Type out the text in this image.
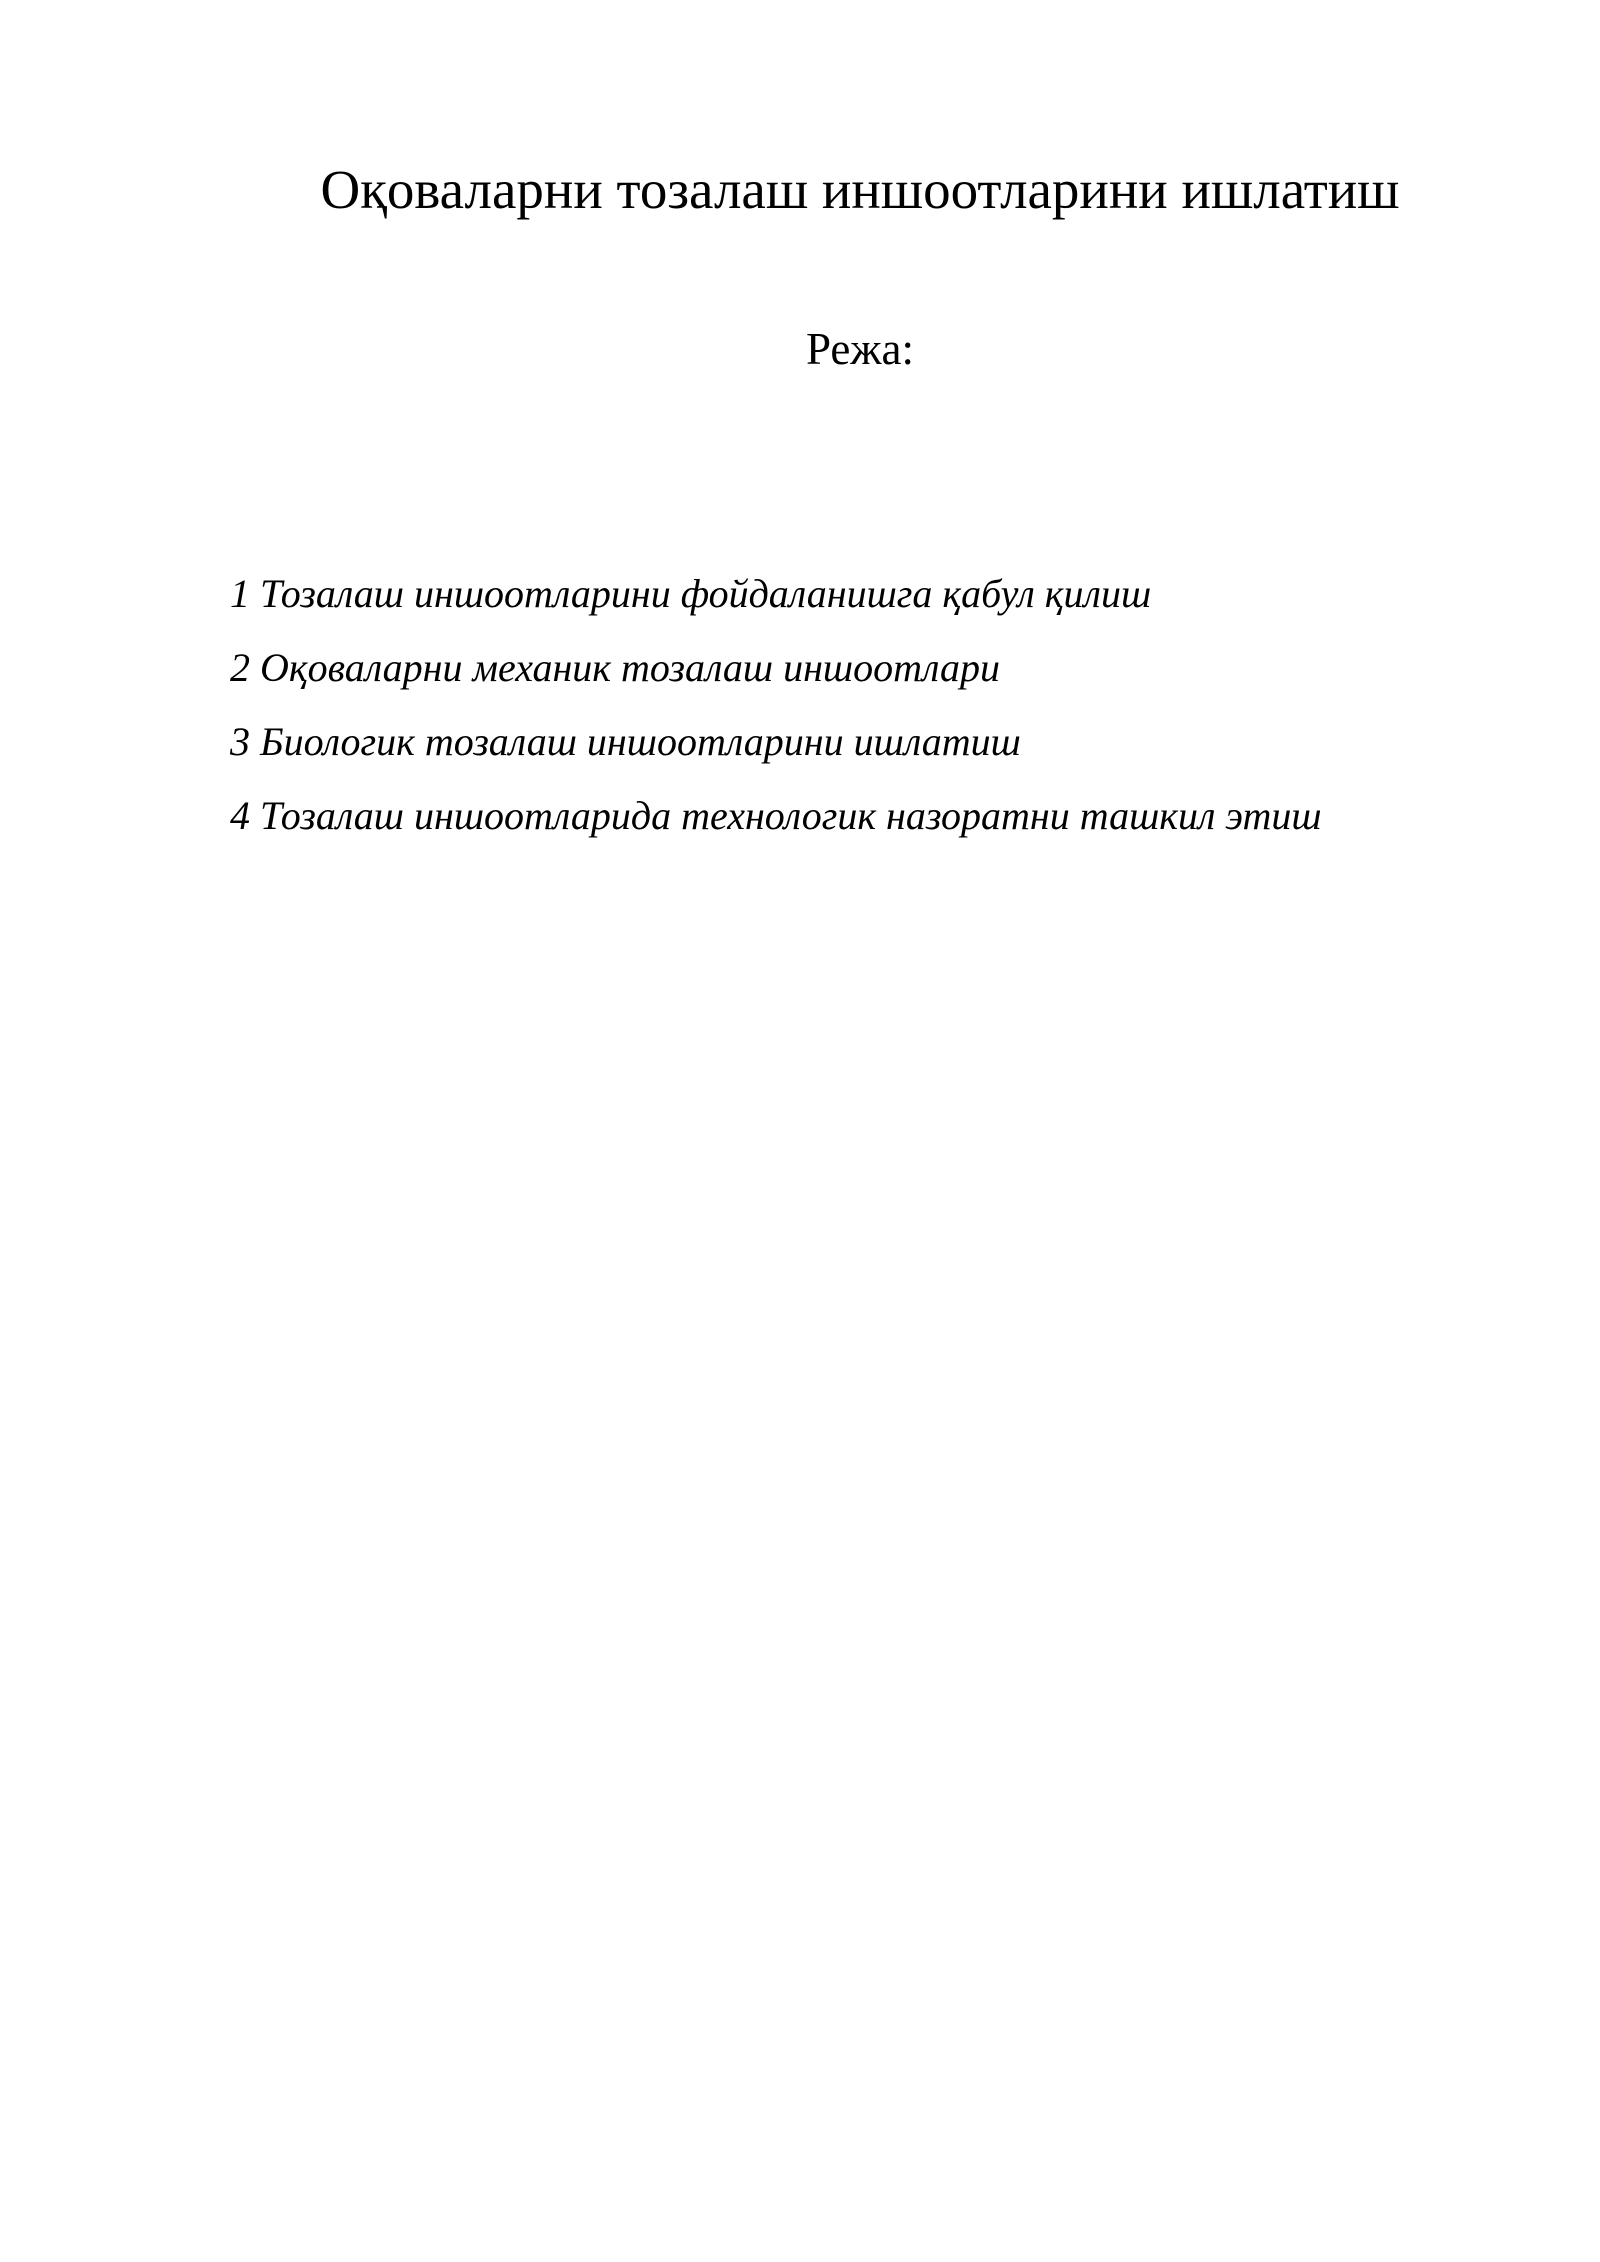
Оқоваларни тозалаш иншоотларини ишлатиш
Режа:
1 Тозалаш иншоотларини фойдаланишга қабул қилиш
2 Оқоваларни механик тозалаш иншоотлари
3 Биологик тозалаш иншоотларини ишлатиш
4 Тозалаш иншоотларида технологик назоратни ташкил этиш
